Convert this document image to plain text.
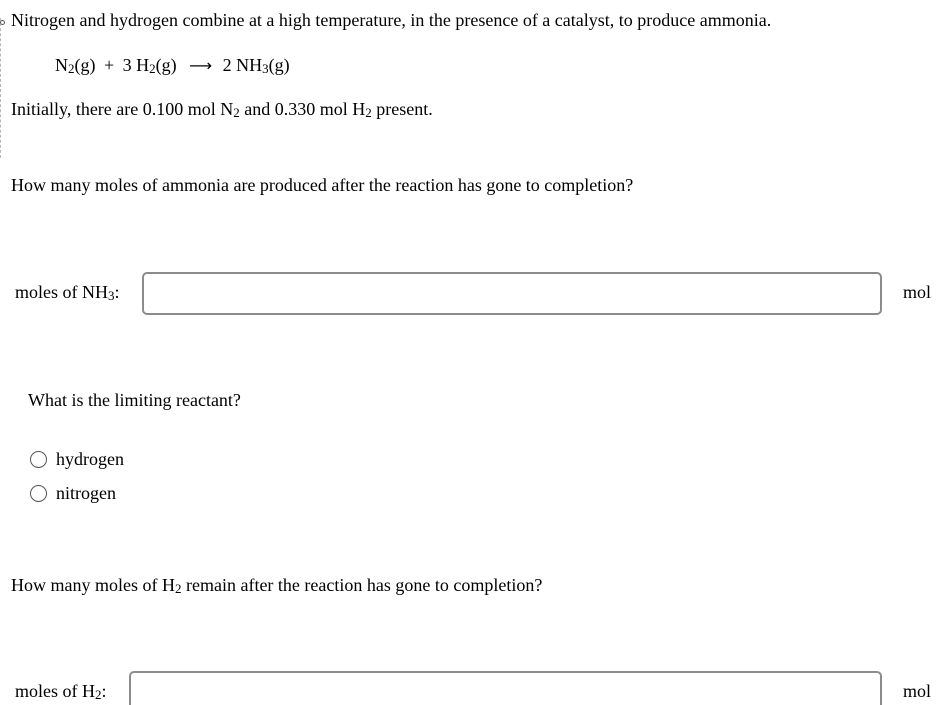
Nitrogen and hydrogen combine at a high temperature, in the presence of a catalyst, to produce ammonia.
$N_2(g) + 3$ $H_2(g)$ ⟶ 2 $NH_3(g)$
Initially, there are 0.100 mol $N_2$ and 0.330 mol $H_2$ present.
How many moles of ammonia are produced after the reaction has gone to completion?
moles of $NH_3$:	mol
What is the limiting reactant?
hydrogen
nitrogen
How many moles of $H_2$ remain after the reaction has gone to completion?
moles of $H_2$:	mol
